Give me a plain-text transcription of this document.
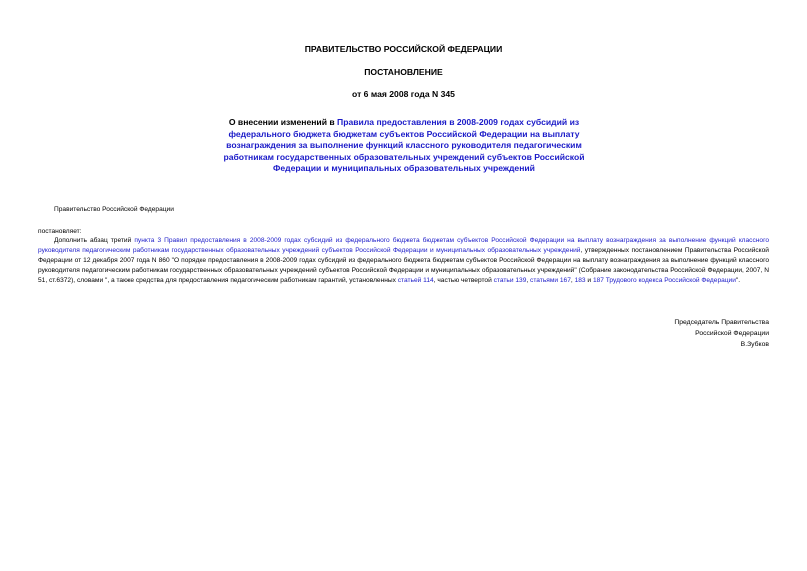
ПРАВИТЕЛЬСТВО РОССИЙСКОЙ ФЕДЕРАЦИИ
ПОСТАНОВЛЕНИЕ
от 6 мая 2008 года N 345
О внесении изменений в Правила предоставления в 2008-2009 годах субсидий из федерального бюджета бюджетам субъектов Российской Федерации на выплату вознаграждения за выполнение функций классного руководителя педагогическим работникам государственных образовательных учреждений субъектов Российской Федерации и муниципальных образовательных учреждений
Правительство Российской Федерации
постановляет:
Дополнить абзац третий пункта 3 Правил предоставления в 2008-2009 годах субсидий из федерального бюджета бюджетам субъектов Российской Федерации на выплату вознаграждения за выполнение функций классного руководителя педагогическим работникам государственных образовательных учреждений субъектов Российской Федерации и муниципальных образовательных учреждений, утвержденных постановлением Правительства Российской Федерации от 12 декабря 2007 года N 860 "О порядке предоставления в 2008-2009 годах субсидий из федерального бюджета бюджетам субъектов Российской Федерации на выплату вознаграждения за выполнение функций классного руководителя педагогическим работникам государственных образовательных учреждений субъектов Российской Федерации и муниципальных образовательных учреждений" (Собрание законодательства Российской Федерации, 2007, N 51, ст.6372), словами ", а также средства для предоставления педагогическим работникам гарантий, установленных статьей 114, частью четвертой статьи 139, статьями 167, 183 и 187 Трудового кодекса Российской Федерации".
Председатель Правительства
Российской Федерации
В.Зубков
